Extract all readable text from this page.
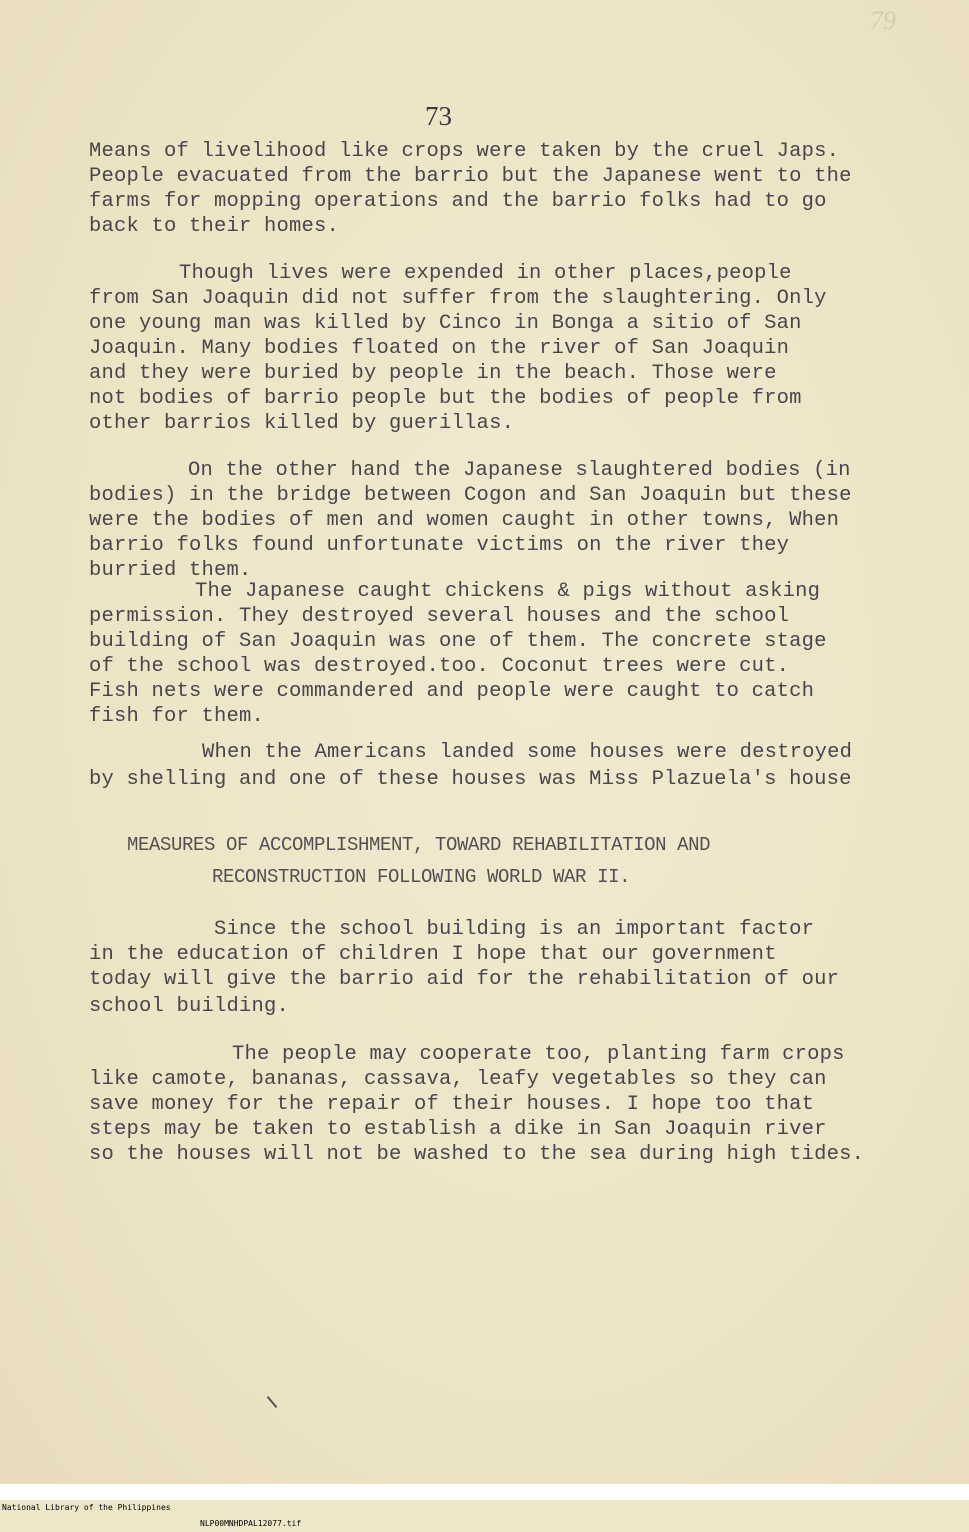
79
73
Means of livelihood like crops were taken by the cruel Japs.
People evacuated from the barrio but the Japanese went to the
farms for mopping operations and the barrio folks had to go
back to their homes.
Though lives were expended in other places,people
from San Joaquin did not suffer from the slaughtering. Only
one young man was killed by Cinco in Bonga a sitio of San
Joaquin. Many bodies floated on the river of San Joaquin
and they were buried by people in the beach. Those were
not bodies of barrio people but the bodies of people from
other barrios killed by guerillas.
On the other hand the Japanese slaughtered bodies (in
bodies) in the bridge between Cogon and San Joaquin but these
were the bodies of men and women caught in other towns, When
barrio folks found unfortunate victims on the river they
burried them.
The Japanese caught chickens & pigs without asking
permission. They destroyed several houses and the school
building of San Joaquin was one of them. The concrete stage
of the school was destroyed.too. Coconut trees were cut.
Fish nets were commandered and people were caught to catch
fish for them.
When the Americans landed some houses were destroyed
by shelling and one of these houses was Miss Plazuela's house
MEASURES OF ACCOMPLISHMENT, TOWARD REHABILITATION AND
RECONSTRUCTION FOLLOWING WORLD WAR II.
Since the school building is an important factor
in the education of children I hope that our government
today will give the barrio aid for the rehabilitation of our
school building.
The people may cooperate too, planting farm crops
like camote, bananas, cassava, leafy vegetables so they can
save money for the repair of their houses. I hope too that
steps may be taken to establish a dike in San Joaquin river
so the houses will not be washed to the sea during high tides.

National Library of the Philippines

NLP00MNHDPAL12077.tif
